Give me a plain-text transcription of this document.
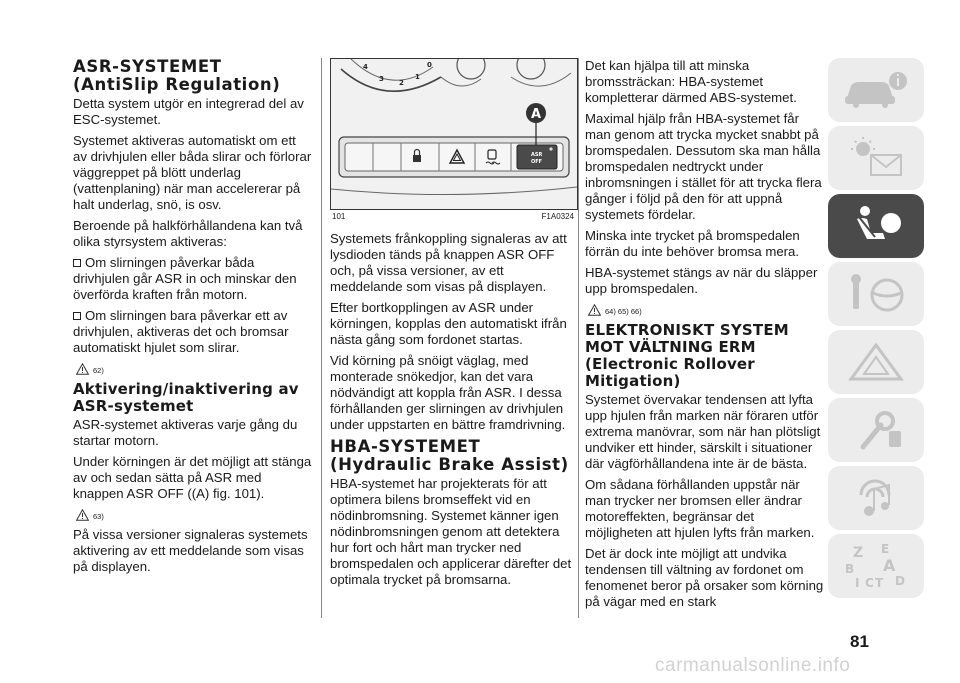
ASR-SYSTEMET (AntiSlip Regulation)

Detta system utgör en integrerad del av ESC-systemet.

Systemet aktiveras automatiskt om ett av drivhjulen eller båda slirar och förlorar väggreppet på blött underlag (vattenplaning) när man accelererar på halt underlag, snö, is osv.

Beroende på halkförhållandena kan två olika styrsystem aktiveras:

Om slirningen påverkar båda drivhjulen går ASR in och minskar den överförda kraften från motorn.

Om slirningen bara påverkar ett av drivhjulen, aktiveras det och bromsar automatiskt hjulet som slirar.

62)
Aktivering/inaktivering av ASR-systemet

ASR-systemet aktiveras varje gång du startar motorn.

Under körningen är det möjligt att stänga av och sedan sätta på ASR med knappen ASR OFF ((A) fig. 101).

63)

På vissa versioner signaleras systemets aktivering av ett meddelande som visas på displayen.

4
3 2
1
0
ASR
OFF
A
101	F1A0324

Systemets frånkoppling signaleras av att lysdioden tänds på knappen ASR OFF och, på vissa versioner, av ett meddelande som visas på displayen.

Efter bortkopplingen av ASR under körningen, kopplas den automatiskt ifrån nästa gång som fordonet startas.

Vid körning på snöigt väglag, med monterade snökedjor, kan det vara nödvändigt att koppla från ASR. I dessa förhållanden ger slirningen av drivhjulen under uppstarten en bättre framdrivning.

HBA-SYSTEMET (Hydraulic Brake Assist)

HBA-systemet har projekterats för att optimera bilens bromseffekt vid en nödinbromsning. Systemet känner igen nödinbromsningen genom att detektera hur fort och hårt man trycker ned bromspedalen och applicerar därefter det optimala trycket på bromsarna.

Det kan hjälpa till att minska bromssträckan: HBA-systemet kompletterar därmed ABS-systemet.

Maximal hjälp från HBA-systemet får man genom att trycka mycket snabbt på bromspedalen. Dessutom ska man hålla bromspedalen nedtryckt under inbromsningen i stället för att trycka flera gånger i följd på den för att uppnå systemets fördelar.

Minska inte trycket på bromspedalen förrän du inte behöver bromsa mera.

HBA-systemet stängs av när du släpper upp bromspedalen.

64) 65) 66)
ELEKTRONISKT SYSTEM MOT VÄLTNING ERM (Electronic Rollover Mitigation)

Systemet övervakar tendensen att lyfta upp hjulen från marken när föraren utför extrema manövrar, som när han plötsligt undviker ett hinder, särskilt i situationer där vägförhållandena inte är de bästa.

Om sådana förhållanden uppstår när man trycker ner bromsen eller ändrar motoreffekten, begränsar det möjligheten att hjulen lyfts från marken.

Det är dock inte möjligt att undvika tendensen till vältning av fordonet om fenomenet beror på orsaker som körning på vägar med en stark

Z E
B A
I C T D
81
carmanualsonline.info
